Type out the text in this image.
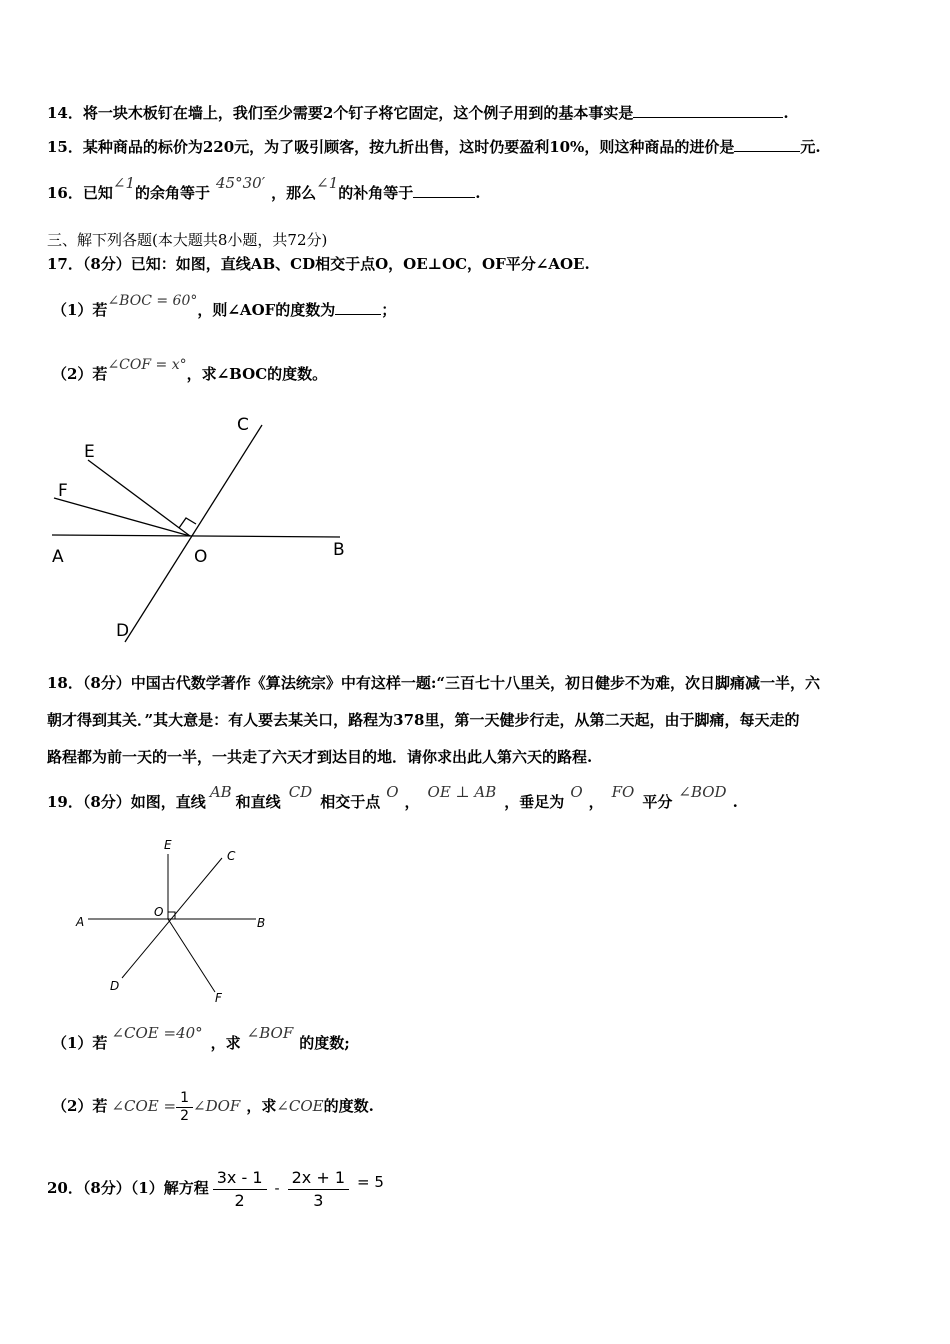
14．将一块木板钉在墙上，我们至少需要2个钉子将它固定，这个例子用到的基本事实是	.
15．某种商品的标价为220元，为了吸引顾客，按九折出售，这时仍要盈利10%，则这种商品的进价是	元.
16．已知∠1的余角等于45°30′，那么∠1的补角等于	.
三、解下列各题(本大题共8小题，共72分)
17．（8分）已知：如图，直线AB、CD相交于点O，OE⊥OC，OF平分∠AOE.
（1）若∠BOC = 60°，则∠AOF的度数为	；
（2）若∠COF = x°，求∠BOC的度数。
C
E
F
A	O	B
D
18．（8分）中国古代数学著作《算法统宗》中有这样一题:“三百七十八里关，初日健步不为难，次日脚痛减一半，六
朝才得到其关．”其大意是：有人要去某关口，路程为378里，第一天健步行走，从第二天起，由于脚痛，每天走的
路程都为前一天的一半，一共走了六天才到达目的地．请你求出此人第六天的路程.
19．（8分）如图，直线AB和直线CD相交于点O，OE ⊥ AB，垂足为O，FO平分∠BOD.
E
C
A
O
B
D
F
（1）若∠COE =40°，求∠BOF的度数;
（2）若 ∠COE = $\frac{1}{2}$ ∠DOF ，求∠COE的度数.
20．（8分）（1）解方程 $\frac{3x - 1}{2} - \frac{2x + 1}{3} = 5$
